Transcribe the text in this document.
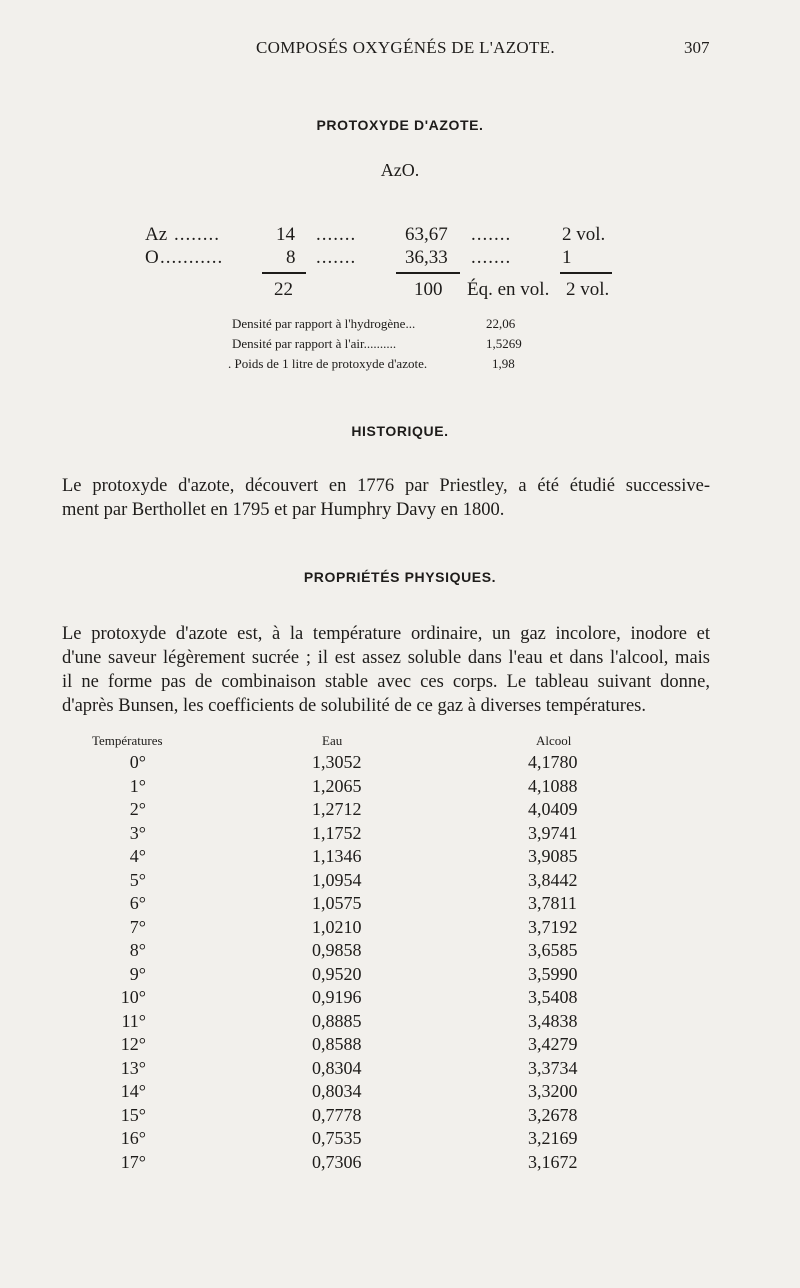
COMPOSÉS OXYGÉNÉS DE L'AZOTE.	307
PROTOXYDE D'AZOTE.
AzO.
Az ........	14 .......	63,67 .......	2 vol.
O ...........	8 .......	36,33 .......	1
22	100 Éq. en vol. 2 vol.
Densité par rapport à l'hydrogène...	22,06
Densité par rapport à l'air..........	1,5269
. Poids de 1 litre de protoxyde d'azote.	1,98
HISTORIQUE.
Le protoxyde d'azote, découvert en 1776 par Priestley, a été étudié successive-
ment par Berthollet en 1795 et par Humphry Davy en 1800.
PROPRIÉTÉS PHYSIQUES.
Le protoxyde d'azote est, à la température ordinaire, un gaz incolore, inodore et
d'une saveur légèrement sucrée ; il est assez soluble dans l'eau et dans l'alcool, mais
il ne forme pas de combinaison stable avec ces corps. Le tableau suivant donne,
d'après Bunsen, les coefficients de solubilité de ce gaz à diverses températures.
Températures	Eau	Alcool
0°	1,3052	4,1780
1°	1,2065	4,1088
2°	1,2712	4,0409
3°	1,1752	3,9741
4°	1,1346	3,9085
5°	1,0954	3,8442
6°	1,0575	3,7811
7°	1,0210	3,7192
8°	0,9858	3,6585
9°	0,9520	3,5990
10°	0,9196	3,5408
11°	0,8885	3,4838
12°	0,8588	3,4279
13°	0,8304	3,3734
14°	0,8034	3,3200
15°	0,7778	3,2678
16°	0,7535	3,2169
17°	0,7306	3,1672
